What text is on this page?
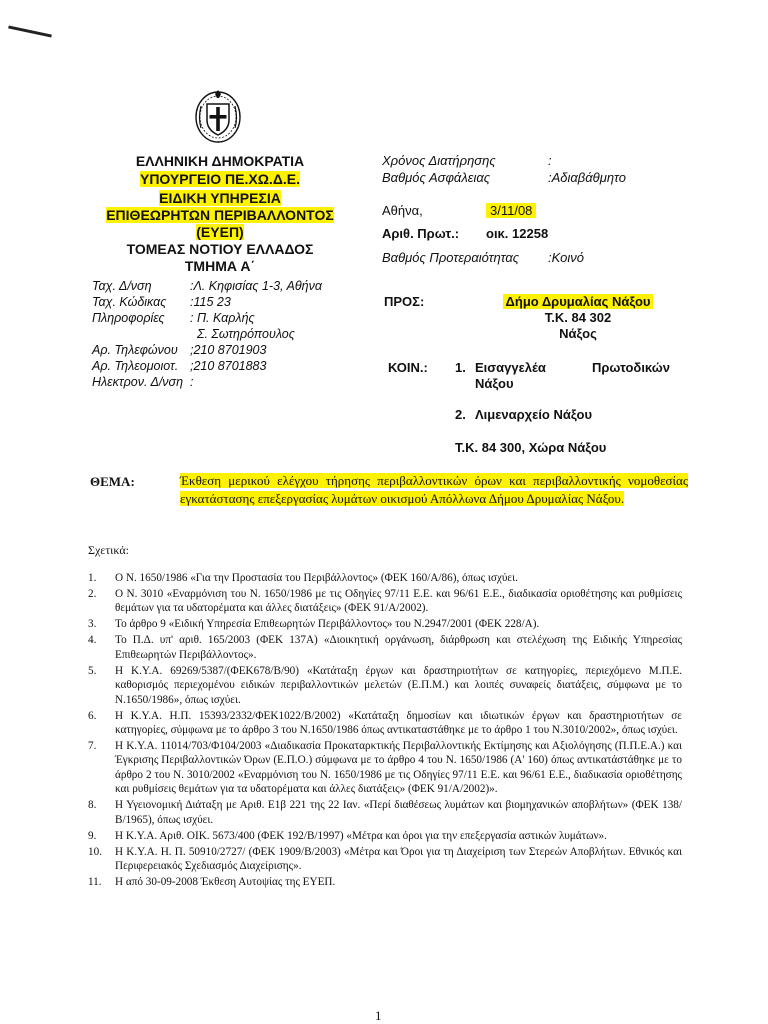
ΕΛΛΗΝΙΚΗ ΔΗΜΟΚΡΑΤΙΑ
ΥΠΟΥΡΓΕΙΟ ΠΕ.ΧΩ.Δ.Ε.
ΕΙΔΙΚΗ ΥΠΗΡΕΣΙΑ
ΕΠΙΘΕΩΡΗΤΩΝ ΠΕΡΙΒΑΛΛΟΝΤΟΣ
(ΕΥΕΠ)
ΤΟΜΕΑΣ ΝΟΤΙΟΥ ΕΛΛΑΔΟΣ
ΤΜΗΜΑ Α΄
Ταχ. Δ/νση	:Λ. Κηφισίας 1-3, Αθήνα
Ταχ. Κώδικας :115 23
Πληροφορίες : Π. Καρλής
Σ. Σωτηρόπουλος
Αρ. Τηλεφώνου ;210 8701903
Αρ. Τηλεομοιοτ. ;210 8701883
Ηλεκτρον. Δ/νση :
Χρόνος Διατήρησης	:
Βαθμός Ασφάλειας	:Αδιαβάθμητο
Αθήνα,	3/11/08
Αριθ. Πρωτ.: οικ. 12258
Βαθμός Προτεραιότητας :Κοινό
ΠΡΟΣ:	Δήμο Δρυμαλίας Νάξου
Τ.Κ. 84 302
Νάξος
ΚΟΙΝ.: 1. Εισαγγελέα	Πρωτοδικών
Νάξου
2. Λιμεναρχείο Νάξου
Τ.Κ. 84 300, Χώρα Νάξου
ΘΕΜΑ:	Έκθεση μερικού ελέγχου τήρησης περιβαλλοντικών όρων και περιβαλλοντικής νομοθεσίας εγκατάστασης επεξεργασίας λυμάτων οικισμού Απόλλωνα Δήμου Δρυμαλίας Νάξου.
Σχετικά:
1.	Ο Ν. 1650/1986 «Για την Προστασία του Περιβάλλοντος» (ΦΕΚ 160/Α/86), όπως ισχύει.
2.	Ο Ν. 3010 «Εναρμόνιση του Ν. 1650/1986 με τις Οδηγίες 97/11 Ε.Ε. και 96/61 Ε.Ε., διαδικασία οριοθέτησης και ρυθμίσεις θεμάτων για τα υδατορέματα και άλλες διατάξεις» (ΦΕΚ 91/Α/2002).
3.	Το άρθρο 9 «Ειδική Υπηρεσία Επιθεωρητών Περιβάλλοντος» του Ν.2947/2001 (ΦΕΚ 228/Α).
4.	Το Π.Δ. υπ' αριθ. 165/2003 (ΦΕΚ 137Α) «Διοικητική οργάνωση, διάρθρωση και στελέχωση της Ειδικής Υπηρεσίας Επιθεωρητών Περιβάλλοντος».
5.	Η Κ.Υ.Α. 69269/5387/(ΦΕΚ678/Β/90) «Κατάταξη έργων και δραστηριοτήτων σε κατηγορίες, περιεχόμενο Μ.Π.Ε. καθορισμός περιεχομένου ειδικών περιβαλλοντικών μελετών (Ε.Π.Μ.) και λοιπές συναφείς διατάξεις, σύμφωνα με το Ν.1650/1986», όπως ισχύει.
6.	Η Κ.Υ.Α. Η.Π. 15393/2332/ΦΕΚ1022/Β/2002) «Κατάταξη δημοσίων και ιδιωτικών έργων και δραστηριοτήτων σε κατηγορίες, σύμφωνα με το άρθρο 3 του Ν.1650/1986 όπως αντικαταστάθηκε με το άρθρο 1 του Ν.3010/2002», όπως ισχύει.
7.	Η Κ.Υ.Α. 11014/703/Φ104/2003 «Διαδικασία Προκαταρκτικής Περιβαλλοντικής Εκτίμησης και Αξιολόγησης (Π.Π.Ε.Α.) και Έγκρισης Περιβαλλοντικών Όρων (Ε.Π.Ο.) σύμφωνα με το άρθρο 4 του Ν. 1650/1986 (Α' 160) όπως αντικατάστάθηκε με το άρθρο 2 του Ν. 3010/2002 «Εναρμόνιση του Ν. 1650/1986 με τις Οδηγίες 97/11 Ε.Ε. και 96/61 Ε.Ε., διαδικασία οριοθέτησης και ρυθμίσεις θεμάτων για τα υδατορέματα και άλλες διατάξεις» (ΦΕΚ 91/Α/2002)».
8.	Η Υγειονομική Διάταξη με Αριθ. Ε1β 221 της 22 Ιαν. «Περί διαθέσεως λυμάτων και βιομηχανικών αποβλήτων» (ΦΕΚ 138/Β/1965), όπως ισχύει.
9.	Η Κ.Υ.Α. Αριθ. ΟΙΚ. 5673/400 (ΦΕΚ 192/Β/1997) «Μέτρα και όροι για την επεξεργασία αστικών λυμάτων».
10.	Η Κ.Υ.Α. Η. Π. 50910/2727/ (ΦΕΚ 1909/Β/2003) «Μέτρα και Όροι για τη Διαχείριση των Στερεών Αποβλήτων. Εθνικός και Περιφερειακός Σχεδιασμός Διαχείρισης».
11.	Η από 30-09-2008 Έκθεση Αυτοψίας της ΕΥΕΠ.
1
